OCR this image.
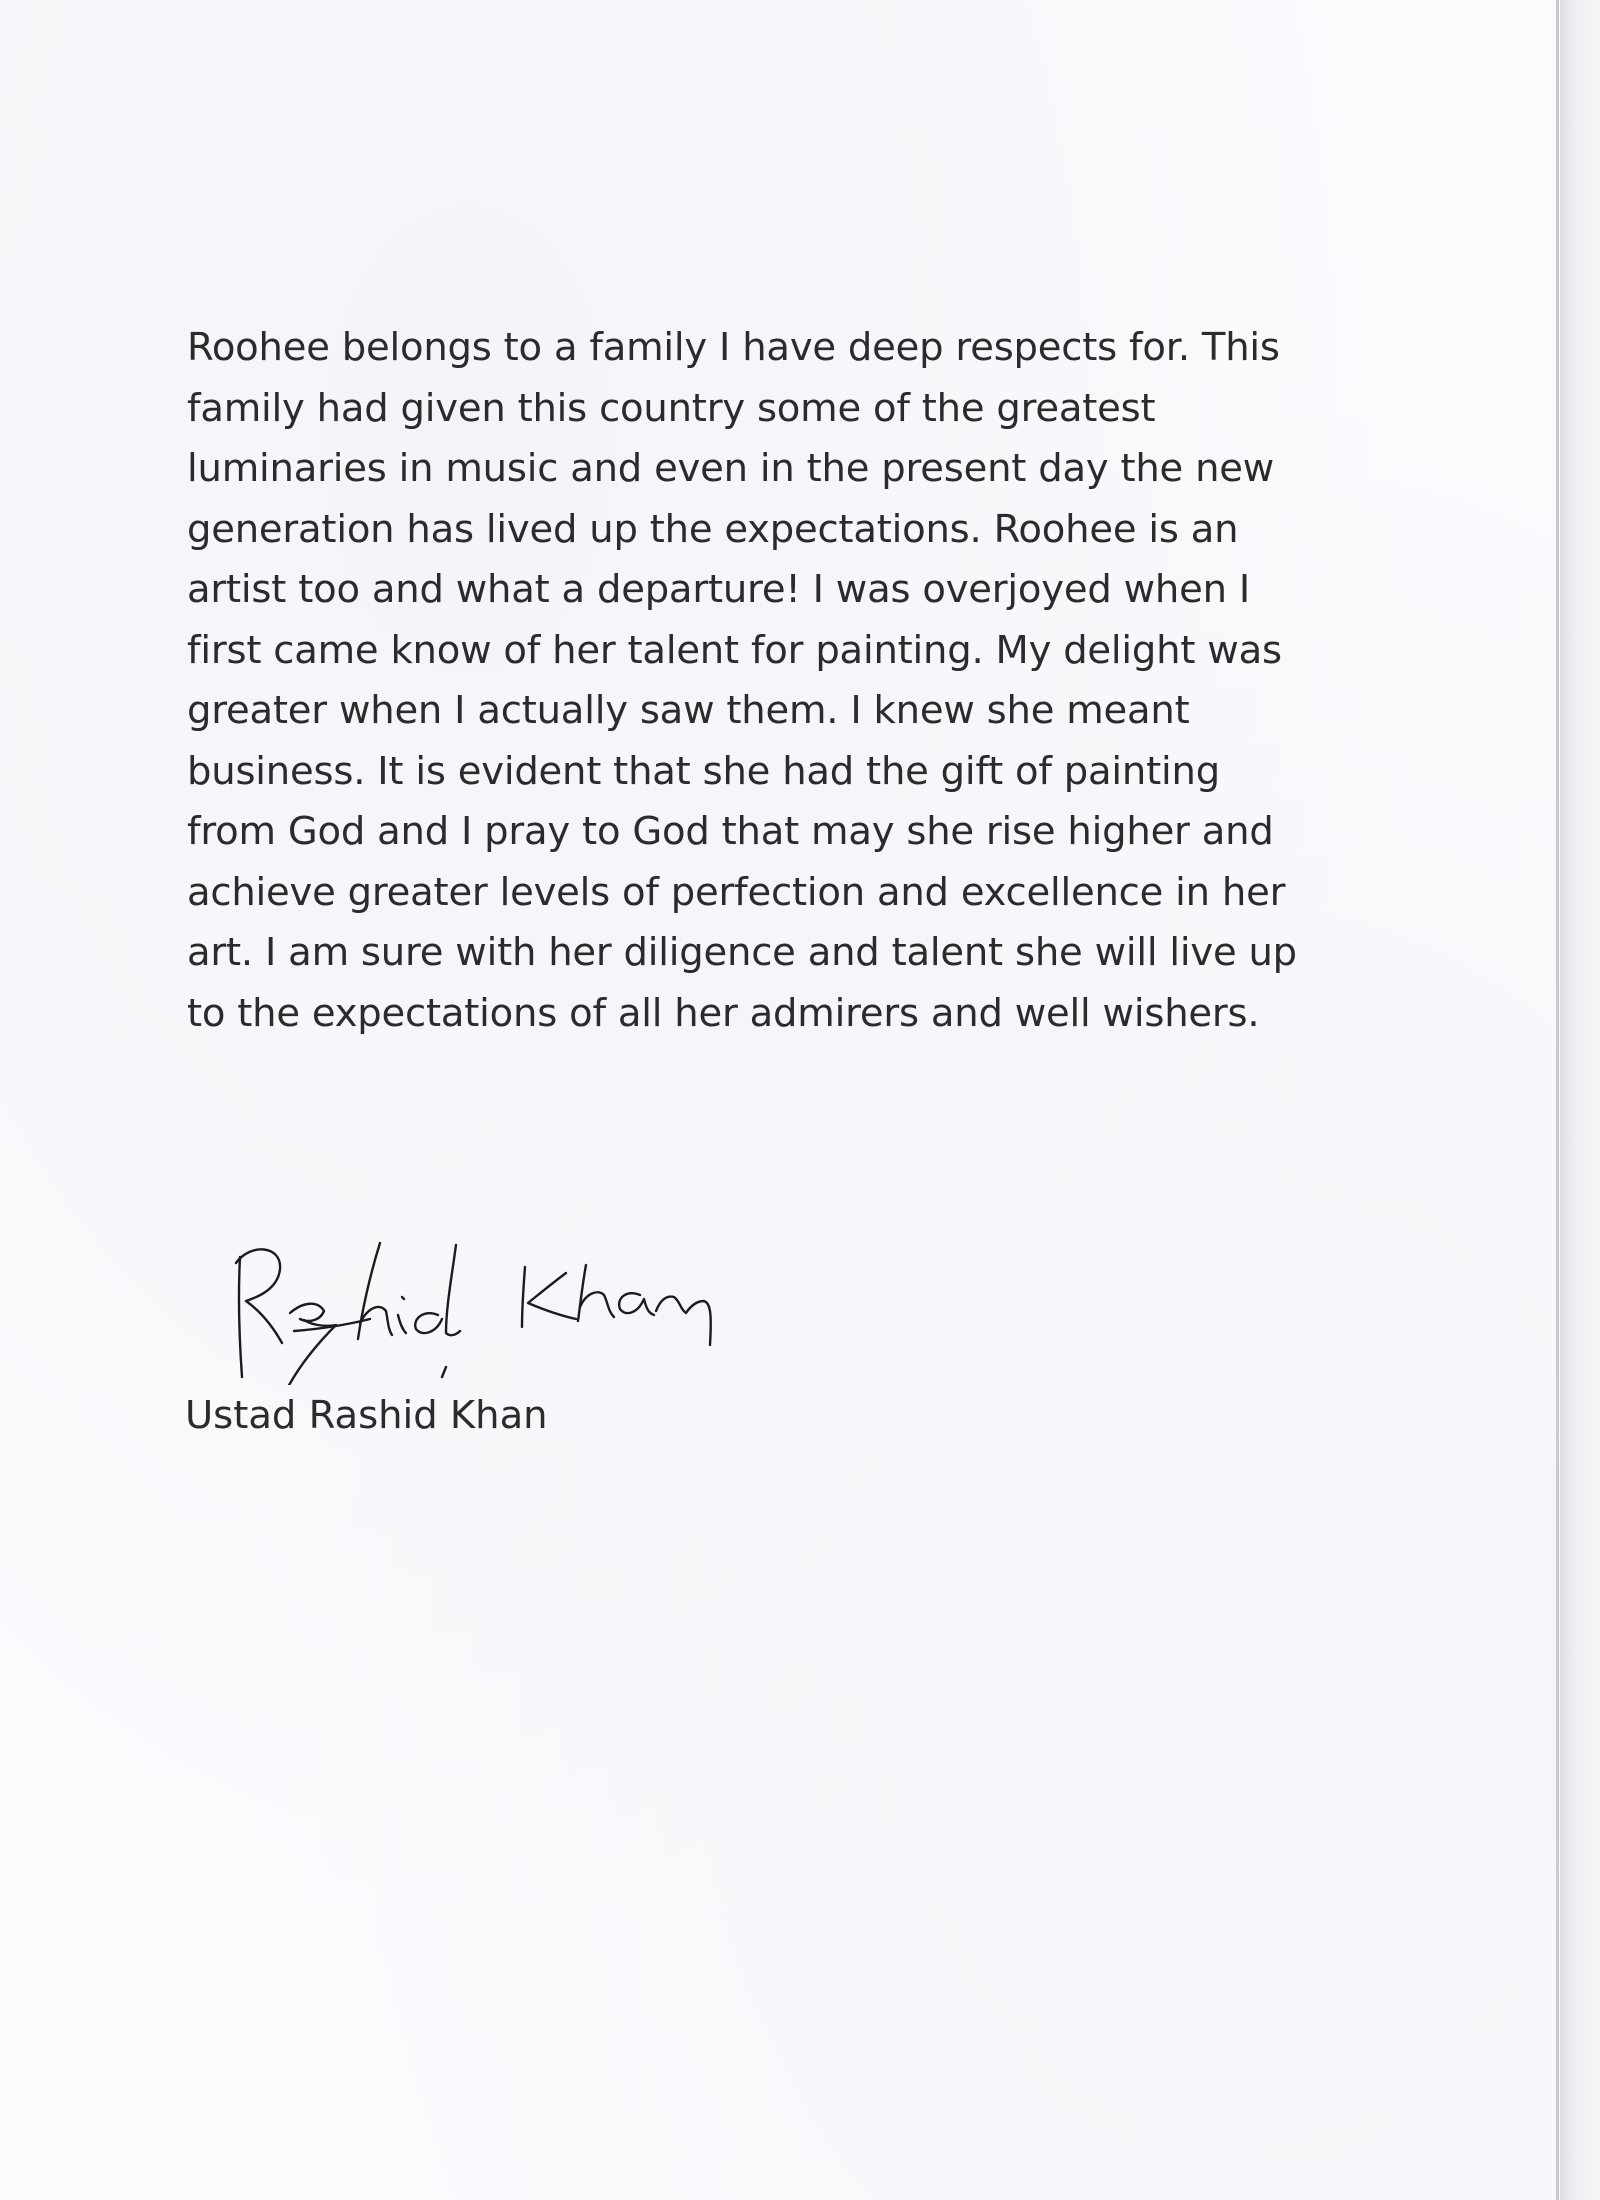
Roohee belongs to a family I have deep respects for. This
family had given this country some of the greatest
luminaries in music and even in the present day the new
generation has lived up the expectations. Roohee is an
artist too and what a departure! I was overjoyed when I
first came know of her talent for painting. My delight was
greater when I actually saw them. I knew she meant
business. It is evident that she had the gift of painting
from God and I pray to God that may she rise higher and
achieve greater levels of perfection and excellence in her
art. I am sure with her diligence and talent she will live up
to the expectations of all her admirers and well wishers.

Ustad Rashid Khan
